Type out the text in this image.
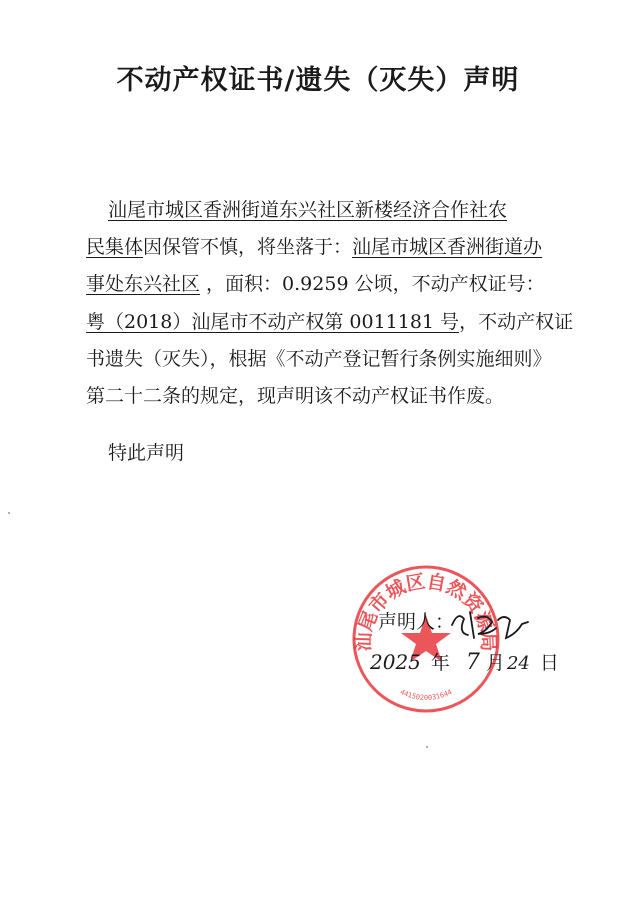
不动产权证书/遗失（灭失）声明
汕尾市城区香洲街道东兴社区新楼经济合作社农
民集体因保管不慎，将坐落于：汕尾市城区香洲街道办
事处东兴社区 ，面积：0.9259 公顷，不动产权证号：
粤（2018）汕尾市不动产权第 0011181 号，不动产权证
书遗失（灭失），根据《不动产登记暂行条例实施细则》
第二十二条的规定，现声明该不动产权证书作废。
特此声明
汕尾市城区自然资源局
4415020031644
声明人：
2025 年 7 月 24 日
